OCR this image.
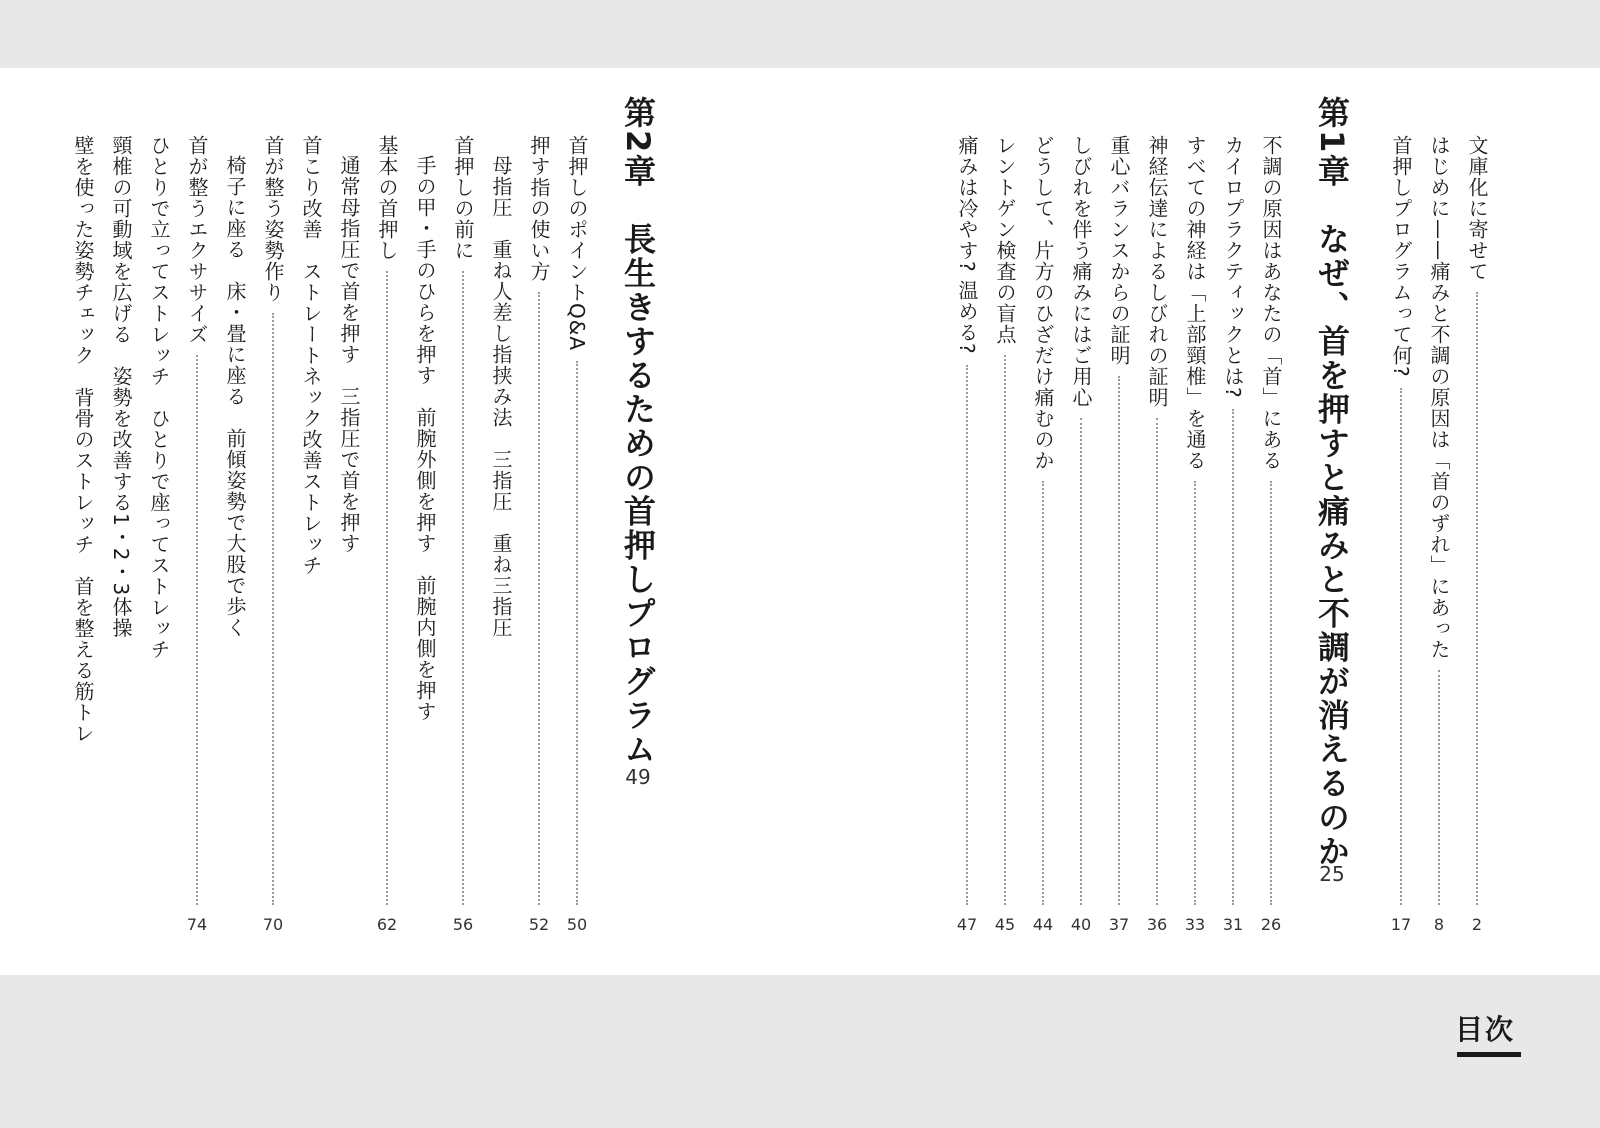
文庫化に寄せて
2
はじめに——痛みと不調の原因は「首のずれ」にあった
8
首押しプログラムって何?
17
第1章　なぜ、首を押すと痛みと不調が消えるのか
25
不調の原因はあなたの「首」にある
26
カイロプラクティックとは?
31
すべての神経は「上部頸椎」を通る
33
神経伝達によるしびれの証明
36
重心バランスからの証明
37
しびれを伴う痛みにはご用心
40
どうして、片方のひざだけ痛むのか
44
レントゲン検査の盲点
45
痛みは冷やす? 温める?
47
第2章　長生きするための首押しプログラム
49
首押しのポイントQ&A
50
押す指の使い方
52
母指圧　重ね人差し指挟み法　三指圧　重ね三指圧
首押しの前に
56
手の甲・手のひらを押す　前腕外側を押す　前腕内側を押す
基本の首押し
62
通常母指圧で首を押す　三指圧で首を押す
首こり改善　ストレートネック改善ストレッチ
首が整う姿勢作り
70
椅子に座る　床・畳に座る　前傾姿勢で大股で歩く
首が整うエクササイズ
74
ひとりで立ってストレッチ　ひとりで座ってストレッチ
頸椎の可動域を広げる　姿勢を改善する1・2・3体操
壁を使った姿勢チェック　背骨のストレッチ　首を整える筋トレ
目次
